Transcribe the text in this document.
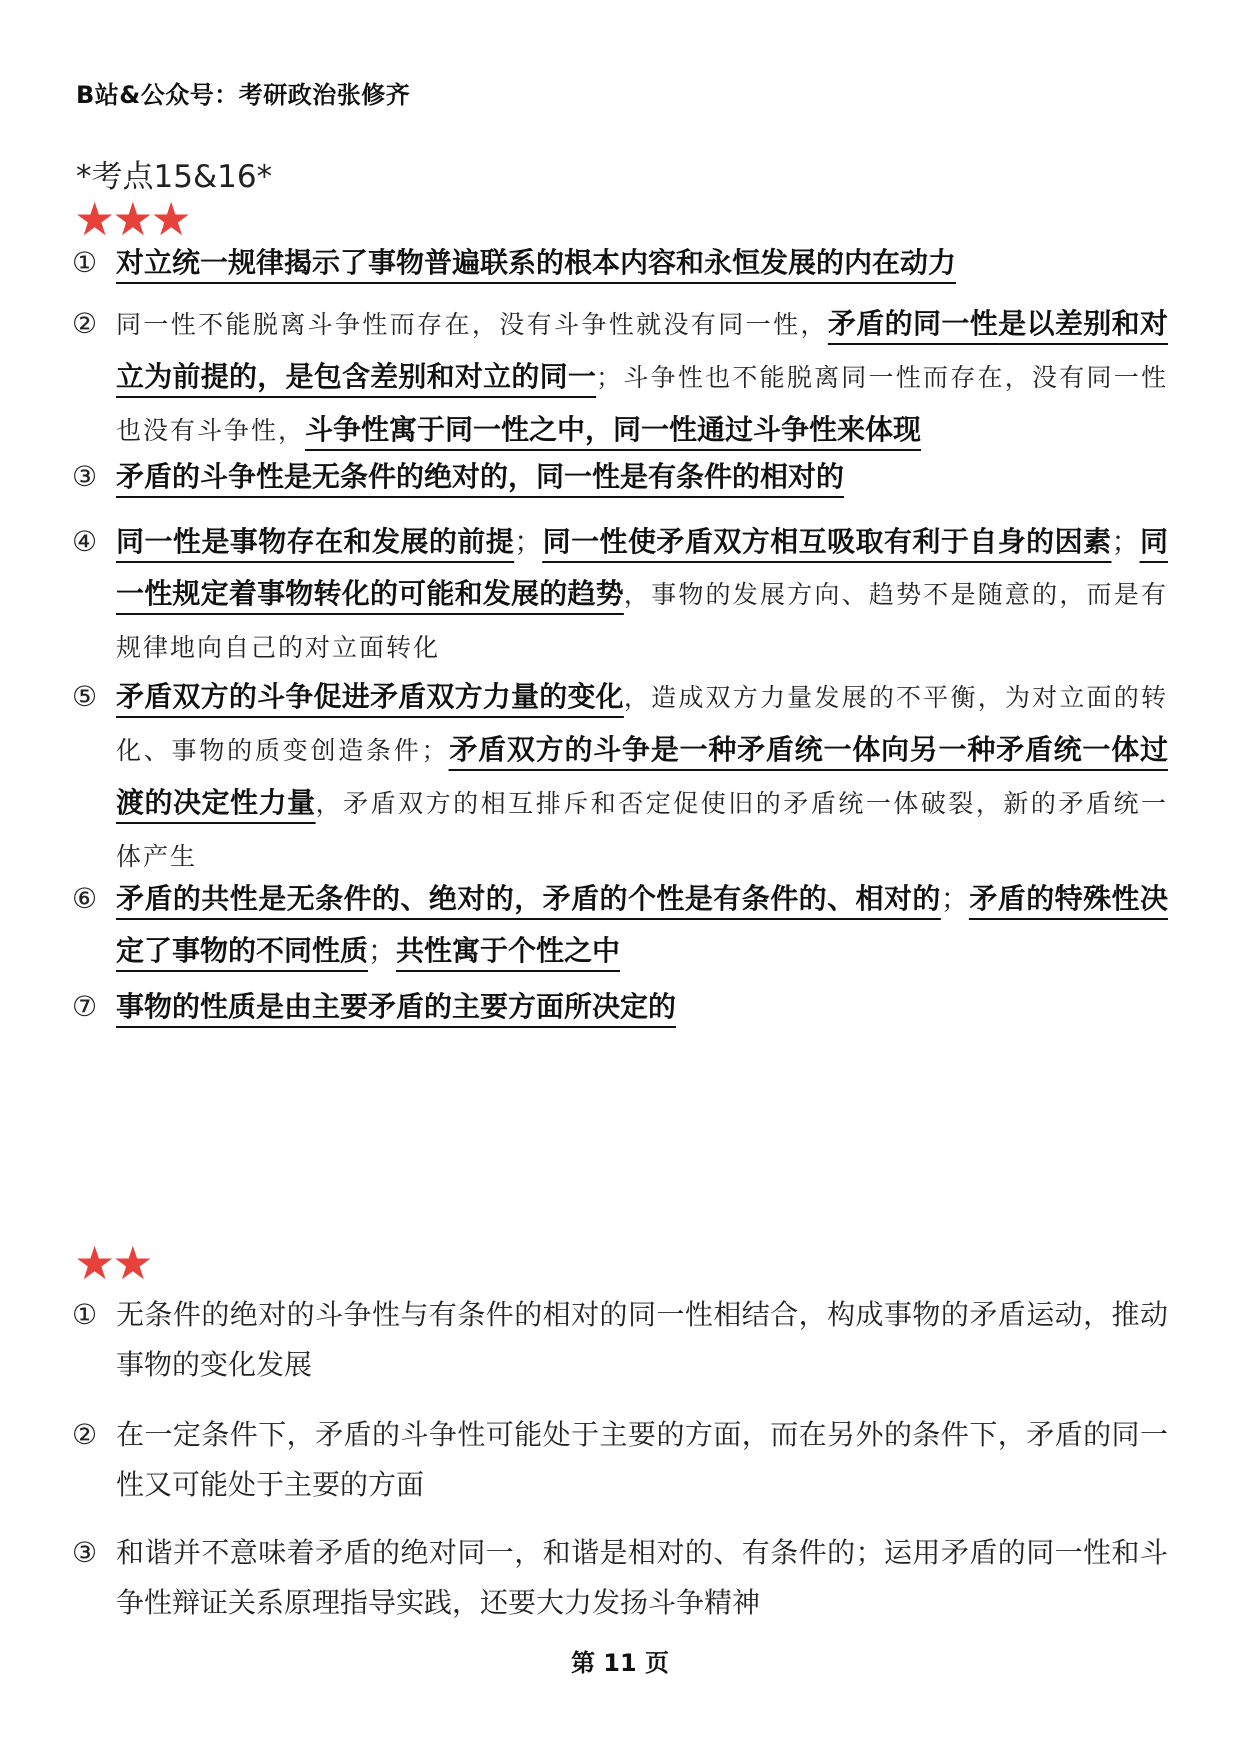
B站&公众号：考研政治张修齐
*考点15&16*
★★★
① 对立统一规律揭示了事物普遍联系的根本内容和永恒发展的内在动力
② 同一性不能脱离斗争性而存在，没有斗争性就没有同一性，矛盾的同一性是以差别和对立为前提的，是包含差别和对立的同一；斗争性也不能脱离同一性而存在，没有同一性也没有斗争性，斗争性寓于同一性之中，同一性通过斗争性来体现
③ 矛盾的斗争性是无条件的绝对的，同一性是有条件的相对的
④ 同一性是事物存在和发展的前提；同一性使矛盾双方相互吸取有利于自身的因素；同一性规定着事物转化的可能和发展的趋势，事物的发展方向、趋势不是随意的，而是有规律地向自己的对立面转化
⑤ 矛盾双方的斗争促进矛盾双方力量的变化，造成双方力量发展的不平衡，为对立面的转化、事物的质变创造条件；矛盾双方的斗争是一种矛盾统一体向另一种矛盾统一体过渡的决定性力量，矛盾双方的相互排斥和否定促使旧的矛盾统一体破裂，新的矛盾统一体产生
⑥ 矛盾的共性是无条件的、绝对的，矛盾的个性是有条件的、相对的；矛盾的特殊性决定了事物的不同性质；共性寓于个性之中
⑦ 事物的性质是由主要矛盾的主要方面所决定的
★★
① 无条件的绝对的斗争性与有条件的相对的同一性相结合，构成事物的矛盾运动，推动事物的变化发展
② 在一定条件下，矛盾的斗争性可能处于主要的方面，而在另外的条件下，矛盾的同一性又可能处于主要的方面
③ 和谐并不意味着矛盾的绝对同一，和谐是相对的、有条件的；运用矛盾的同一性和斗争性辩证关系原理指导实践，还要大力发扬斗争精神
第 11 页
